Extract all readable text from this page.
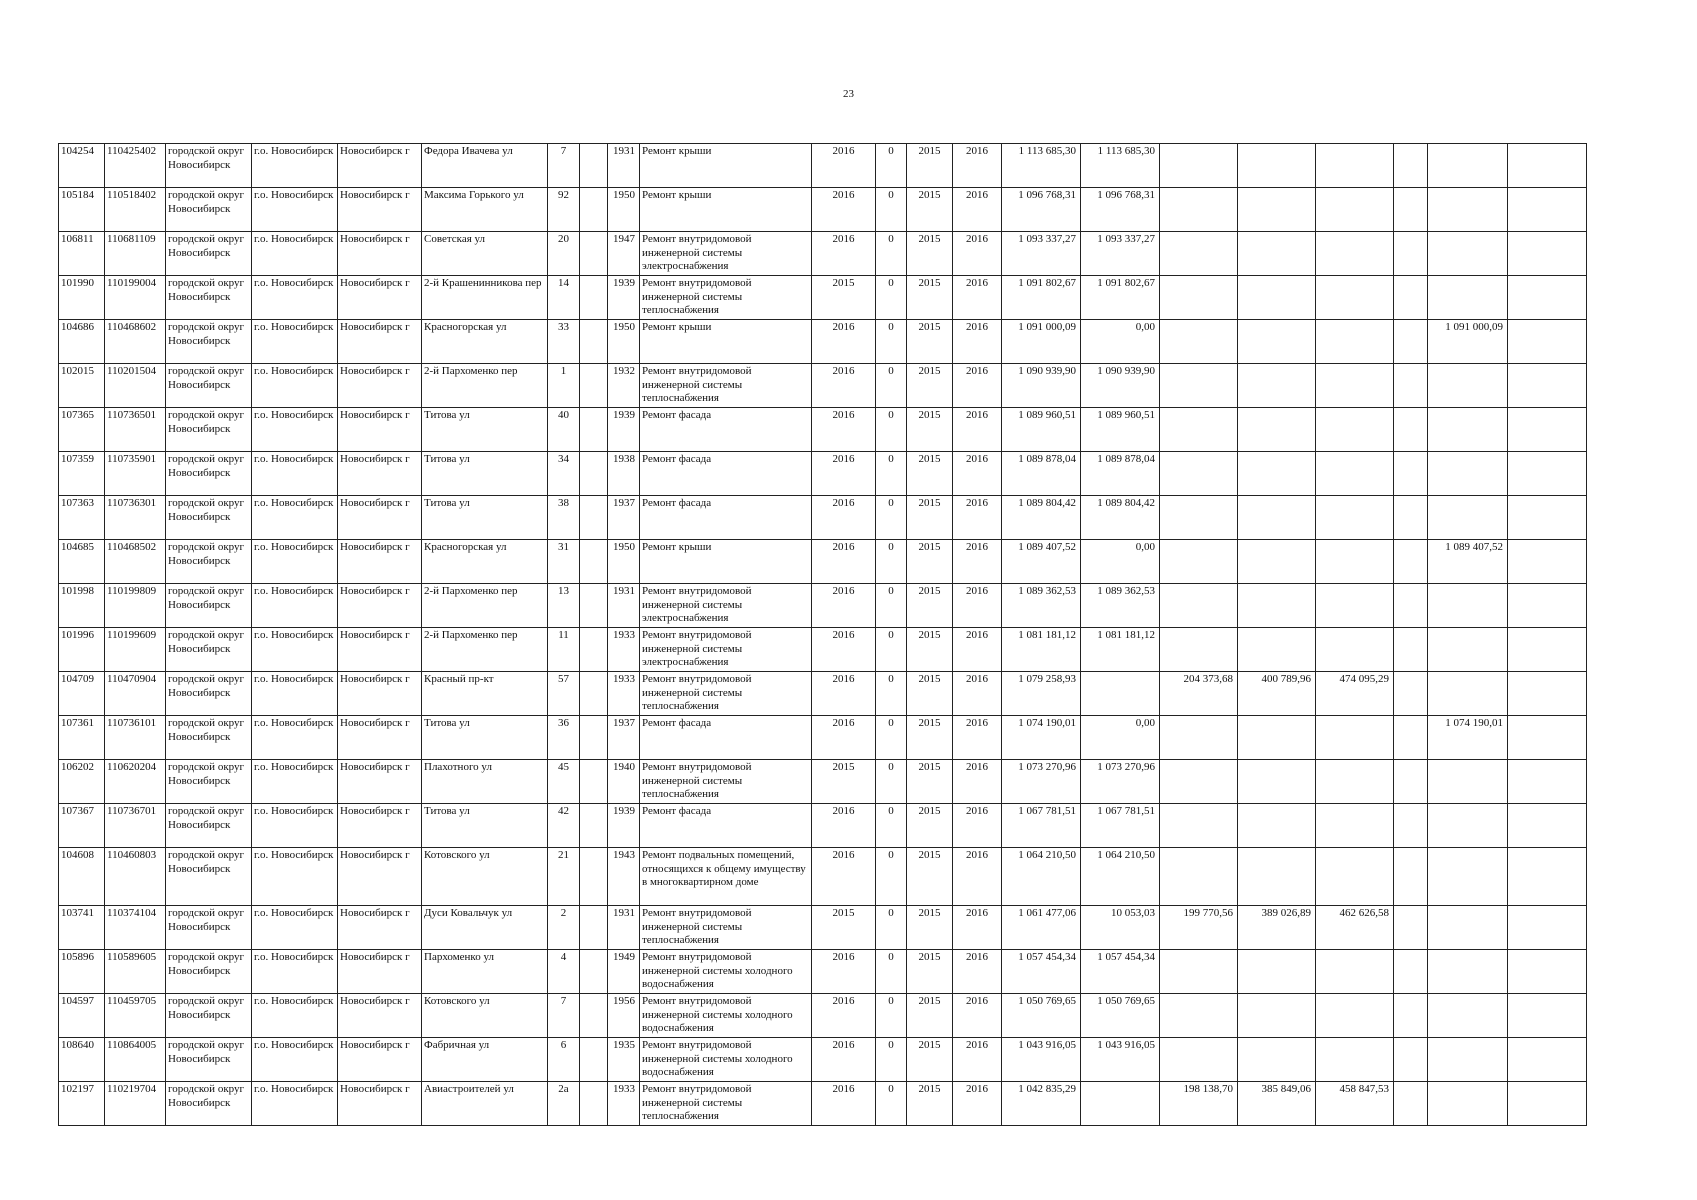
23
104254	110425402	городской округ Новосибирск	г.о. Новосибирск	Новосибирск г	Федора Ивачева ул	7		1931	Ремонт крыши	2016	0	2015	2016	1 113 685,30	1 113 685,30						
105184	110518402	городской округ Новосибирск	г.о. Новосибирск	Новосибирск г	Максима Горького ул	92		1950	Ремонт крыши	2016	0	2015	2016	1 096 768,31	1 096 768,31						
106811	110681109	городской округ Новосибирск	г.о. Новосибирск	Новосибирск г	Советская ул	20		1947	Ремонт внутридомовой инженерной системы электроснабжения	2016	0	2015	2016	1 093 337,27	1 093 337,27						
101990	110199004	городской округ Новосибирск	г.о. Новосибирск	Новосибирск г	2-й Крашенинникова пер	14		1939	Ремонт внутридомовой инженерной системы теплоснабжения	2015	0	2015	2016	1 091 802,67	1 091 802,67						
104686	110468602	городской округ Новосибирск	г.о. Новосибирск	Новосибирск г	Красногорская ул	33		1950	Ремонт крыши	2016	0	2015	2016	1 091 000,09	0,00					1 091 000,09	
102015	110201504	городской округ Новосибирск	г.о. Новосибирск	Новосибирск г	2-й Пархоменко пер	1		1932	Ремонт внутридомовой инженерной системы теплоснабжения	2016	0	2015	2016	1 090 939,90	1 090 939,90						
107365	110736501	городской округ Новосибирск	г.о. Новосибирск	Новосибирск г	Титова ул	40		1939	Ремонт фасада	2016	0	2015	2016	1 089 960,51	1 089 960,51						
107359	110735901	городской округ Новосибирск	г.о. Новосибирск	Новосибирск г	Титова ул	34		1938	Ремонт фасада	2016	0	2015	2016	1 089 878,04	1 089 878,04						
107363	110736301	городской округ Новосибирск	г.о. Новосибирск	Новосибирск г	Титова ул	38		1937	Ремонт фасада	2016	0	2015	2016	1 089 804,42	1 089 804,42						
104685	110468502	городской округ Новосибирск	г.о. Новосибирск	Новосибирск г	Красногорская ул	31		1950	Ремонт крыши	2016	0	2015	2016	1 089 407,52	0,00					1 089 407,52	
101998	110199809	городской округ Новосибирск	г.о. Новосибирск	Новосибирск г	2-й Пархоменко пер	13		1931	Ремонт внутридомовой инженерной системы электроснабжения	2016	0	2015	2016	1 089 362,53	1 089 362,53						
101996	110199609	городской округ Новосибирск	г.о. Новосибирск	Новосибирск г	2-й Пархоменко пер	11		1933	Ремонт внутридомовой инженерной системы электроснабжения	2016	0	2015	2016	1 081 181,12	1 081 181,12						
104709	110470904	городской округ Новосибирск	г.о. Новосибирск	Новосибирск г	Красный пр-кт	57		1933	Ремонт внутридомовой инженерной системы теплоснабжения	2016	0	2015	2016	1 079 258,93		204 373,68	400 789,96	474 095,29			
107361	110736101	городской округ Новосибирск	г.о. Новосибирск	Новосибирск г	Титова ул	36		1937	Ремонт фасада	2016	0	2015	2016	1 074 190,01	0,00					1 074 190,01	
106202	110620204	городской округ Новосибирск	г.о. Новосибирск	Новосибирск г	Плахотного ул	45		1940	Ремонт внутридомовой инженерной системы теплоснабжения	2015	0	2015	2016	1 073 270,96	1 073 270,96						
107367	110736701	городской округ Новосибирск	г.о. Новосибирск	Новосибирск г	Титова ул	42		1939	Ремонт фасада	2016	0	2015	2016	1 067 781,51	1 067 781,51						
104608	110460803	городской округ Новосибирск	г.о. Новосибирск	Новосибирск г	Котовского ул	21		1943	Ремонт подвальных помещений, относящихся к общему имуществу в многоквартирном доме	2016	0	2015	2016	1 064 210,50	1 064 210,50						
103741	110374104	городской округ Новосибирск	г.о. Новосибирск	Новосибирск г	Дуси Ковальчук ул	2		1931	Ремонт внутридомовой инженерной системы теплоснабжения	2015	0	2015	2016	1 061 477,06	10 053,03	199 770,56	389 026,89	462 626,58			
105896	110589605	городской округ Новосибирск	г.о. Новосибирск	Новосибирск г	Пархоменко ул	4		1949	Ремонт внутридомовой инженерной системы холодного водоснабжения	2016	0	2015	2016	1 057 454,34	1 057 454,34						
104597	110459705	городской округ Новосибирск	г.о. Новосибирск	Новосибирск г	Котовского ул	7		1956	Ремонт внутридомовой инженерной системы холодного водоснабжения	2016	0	2015	2016	1 050 769,65	1 050 769,65						
108640	110864005	городской округ Новосибирск	г.о. Новосибирск	Новосибирск г	Фабричная ул	6		1935	Ремонт внутридомовой инженерной системы холодного водоснабжения	2016	0	2015	2016	1 043 916,05	1 043 916,05						
102197	110219704	городской округ Новосибирск	г.о. Новосибирск	Новосибирск г	Авиастроителей ул	2а		1933	Ремонт внутридомовой инженерной системы теплоснабжения	2016	0	2015	2016	1 042 835,29		198 138,70	385 849,06	458 847,53			
